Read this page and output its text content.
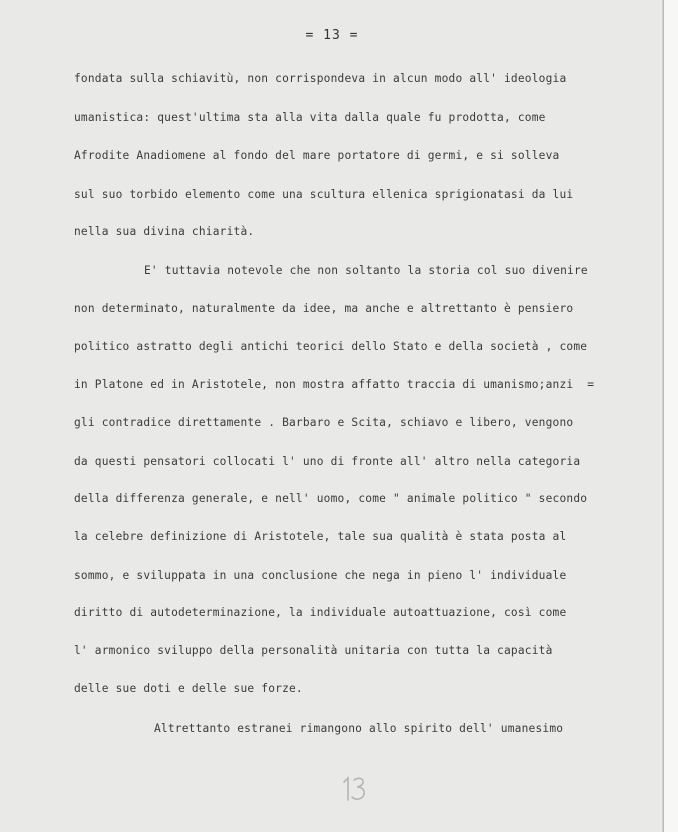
= 13 =
fondata sulla schiavitù, non corrispondeva in alcun modo all' ideologia
umanistica: quest'ultima sta alla vita dalla quale fu prodotta, come
Afrodite Anadiomene al fondo del mare portatore di germi, e si solleva
sul suo torbido elemento come una scultura ellenica sprigionatasi da lui
nella sua divina chiarità.
E' tuttavia notevole che non soltanto la storia col suo divenire
non determinato, naturalmente da idee, ma anche e altrettanto è pensiero
politico astratto degli antichi teorici dello Stato e della società , come
in Platone ed in Aristotele, non mostra affatto traccia di umanismo;anzi  =
gli contradice direttamente . Barbaro e Scita, schiavo e libero, vengono
da questi pensatori collocati l' uno di fronte all' altro nella categoria
della differenza generale, e nell' uomo, come " animale politico " secondo
la celebre definizione di Aristotele, tale sua qualità è stata posta al
sommo, e sviluppata in una conclusione che nega in pieno l' individuale
diritto di autodeterminazione, la individuale autoattuazione, così come
l' armonico sviluppo della personalità unitaria con tutta la capacità
delle sue doti e delle sue forze.
Altrettanto estranei rimangono allo spirito dell' umanesimo
